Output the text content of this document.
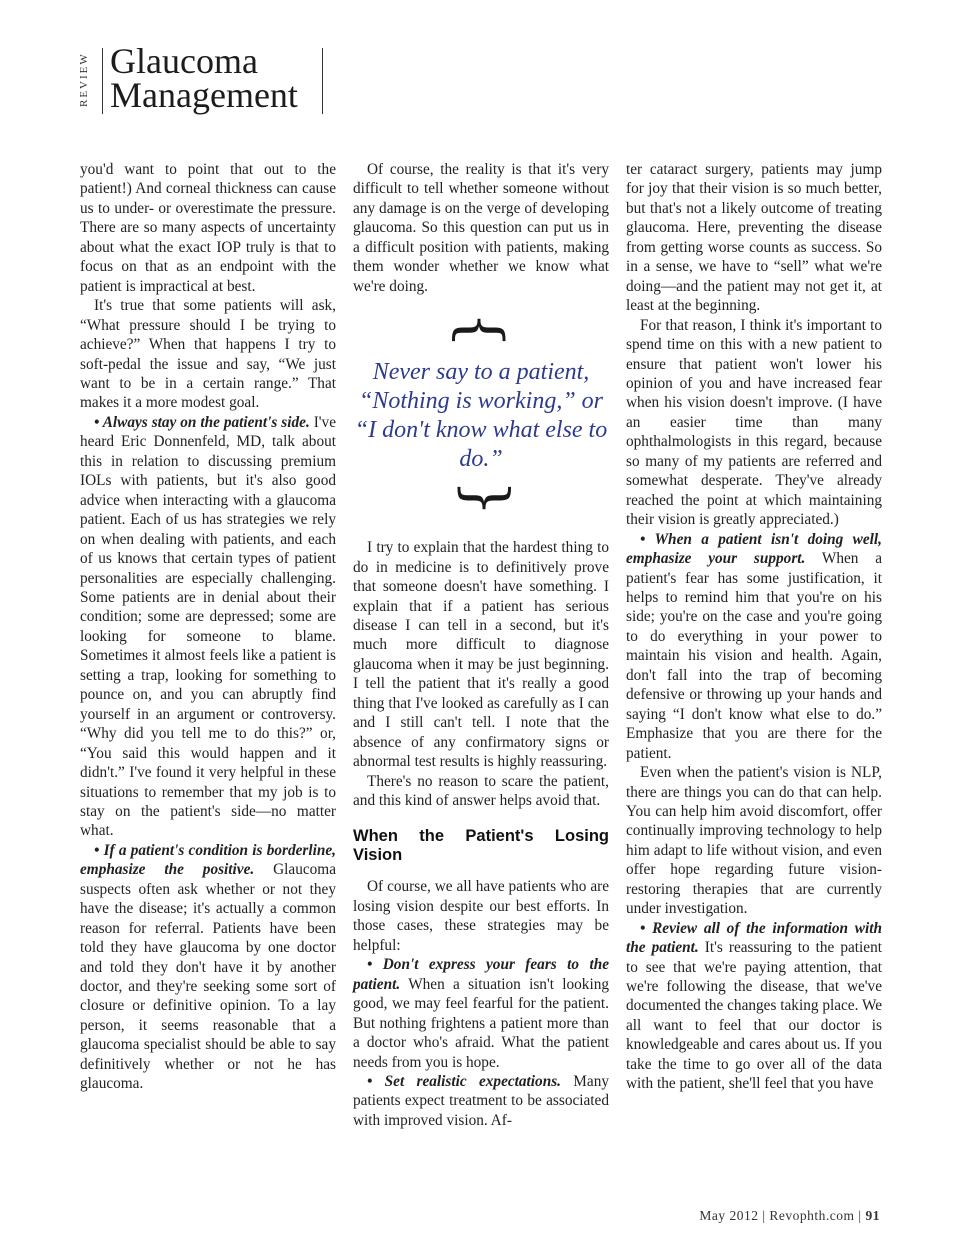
REVIEW Glaucoma
Management

you'd want to point that out to the patient!) And corneal thickness can cause us to under- or overestimate the pressure. There are so many aspects of uncertainty about what the exact IOP truly is that to focus on that as an endpoint with the patient is impractical at best.

It's true that some patients will ask, “What pressure should I be trying to achieve?” When that happens I try to soft-pedal the issue and say, “We just want to be in a certain range.” That makes it a more modest goal.

• Always stay on the patient's side. I've heard Eric Donnenfeld, MD, talk about this in relation to discussing premium IOLs with patients, but it's also good advice when interacting with a glaucoma patient. Each of us has strategies we rely on when dealing with patients, and each of us knows that certain types of patient personalities are especially challenging. Some patients are in denial about their condition; some are depressed; some are looking for someone to blame. Sometimes it almost feels like a patient is setting a trap, looking for something to pounce on, and you can abruptly find yourself in an argument or controversy. “Why did you tell me to do this?” or, “You said this would happen and it didn't.” I've found it very helpful in these situations to remember that my job is to stay on the patient's side—no matter what.

• If a patient's condition is borderline, emphasize the positive. Glaucoma suspects often ask whether or not they have the disease; it's actually a common reason for referral. Patients have been told they have glaucoma by one doctor and told they don't have it by another doctor, and they're seeking some sort of closure or definitive opinion. To a lay person, it seems reasonable that a glaucoma specialist should be able to say definitively whether or not he has glaucoma.

Of course, the reality is that it's very difficult to tell whether someone without any damage is on the verge of developing glaucoma. So this question can put us in a difficult position with patients, making them wonder whether we know what we're doing.

{
Never say to a patient, “Nothing is working,” or “I don't know what else to do.”
{

I try to explain that the hardest thing to do in medicine is to definitively prove that someone doesn't have something. I explain that if a patient has serious disease I can tell in a second, but it's much more difficult to diagnose glaucoma when it may be just beginning. I tell the patient that it's really a good thing that I've looked as carefully as I can and I still can't tell. I note that the absence of any confirmatory signs or abnormal test results is highly reassuring.

There's no reason to scare the patient, and this kind of answer helps avoid that.

When the Patient's Losing Vision

Of course, we all have patients who are losing vision despite our best efforts. In those cases, these strategies may be helpful:

• Don't express your fears to the patient. When a situation isn't looking good, we may feel fearful for the patient. But nothing frightens a patient more than a doctor who's afraid. What the patient needs from you is hope.

• Set realistic expectations. Many patients expect treatment to be associated with improved vision. Af-

ter cataract surgery, patients may jump for joy that their vision is so much better, but that's not a likely outcome of treating glaucoma. Here, preventing the disease from getting worse counts as success. So in a sense, we have to “sell” what we're doing—and the patient may not get it, at least at the beginning.

For that reason, I think it's important to spend time on this with a new patient to ensure that patient won't lower his opinion of you and have increased fear when his vision doesn't improve. (I have an easier time than many ophthalmologists in this regard, because so many of my patients are referred and somewhat desperate. They've already reached the point at which maintaining their vision is greatly appreciated.)

• When a patient isn't doing well, emphasize your support. When a patient's fear has some justification, it helps to remind him that you're on his side; you're on the case and you're going to do everything in your power to maintain his vision and health. Again, don't fall into the trap of becoming defensive or throwing up your hands and saying “I don't know what else to do.” Emphasize that you are there for the patient.

Even when the patient's vision is NLP, there are things you can do that can help. You can help him avoid discomfort, offer continually improving technology to help him adapt to life without vision, and even offer hope regarding future vision-restoring therapies that are currently under investigation.

• Review all of the information with the patient. It's reassuring to the patient to see that we're paying attention, that we're following the disease, that we've documented the changes taking place. We all want to feel that our doctor is knowledgeable and cares about us. If you take the time to go over all of the data with the patient, she'll feel that you have

May 2012 | Revophth.com | 91
